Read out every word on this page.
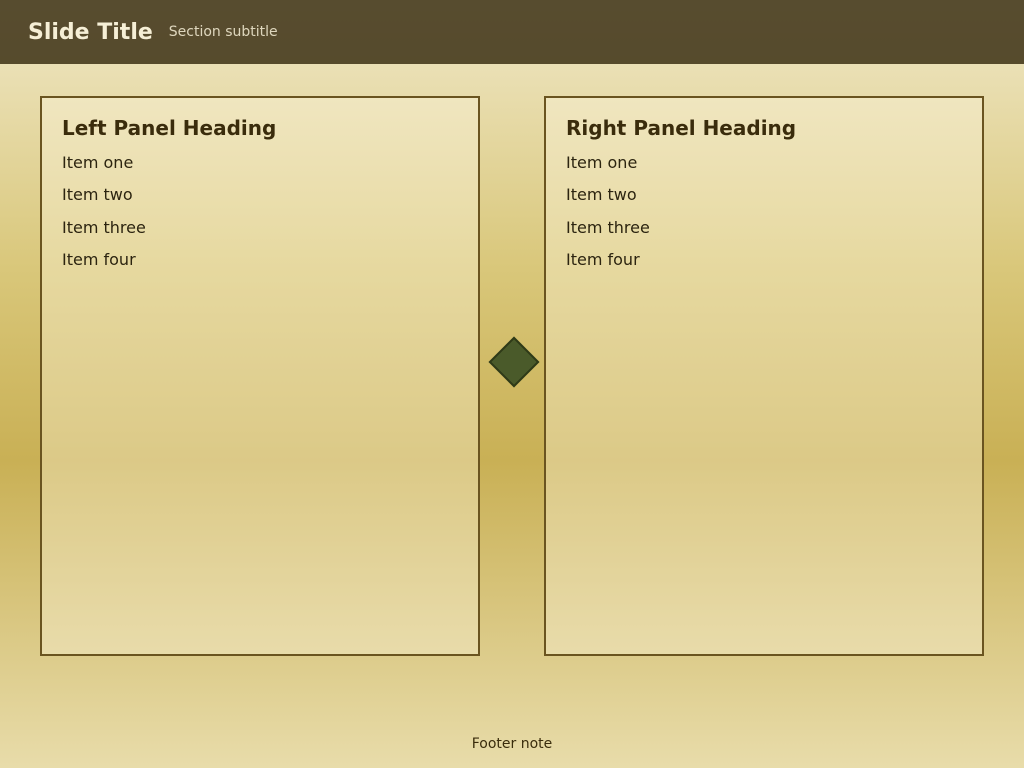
Slide Title Section subtitle
Left Panel Heading

Item one

Item two

Item three

Item four

Right Panel Heading

Item one

Item two

Item three

Item four

Footer note
